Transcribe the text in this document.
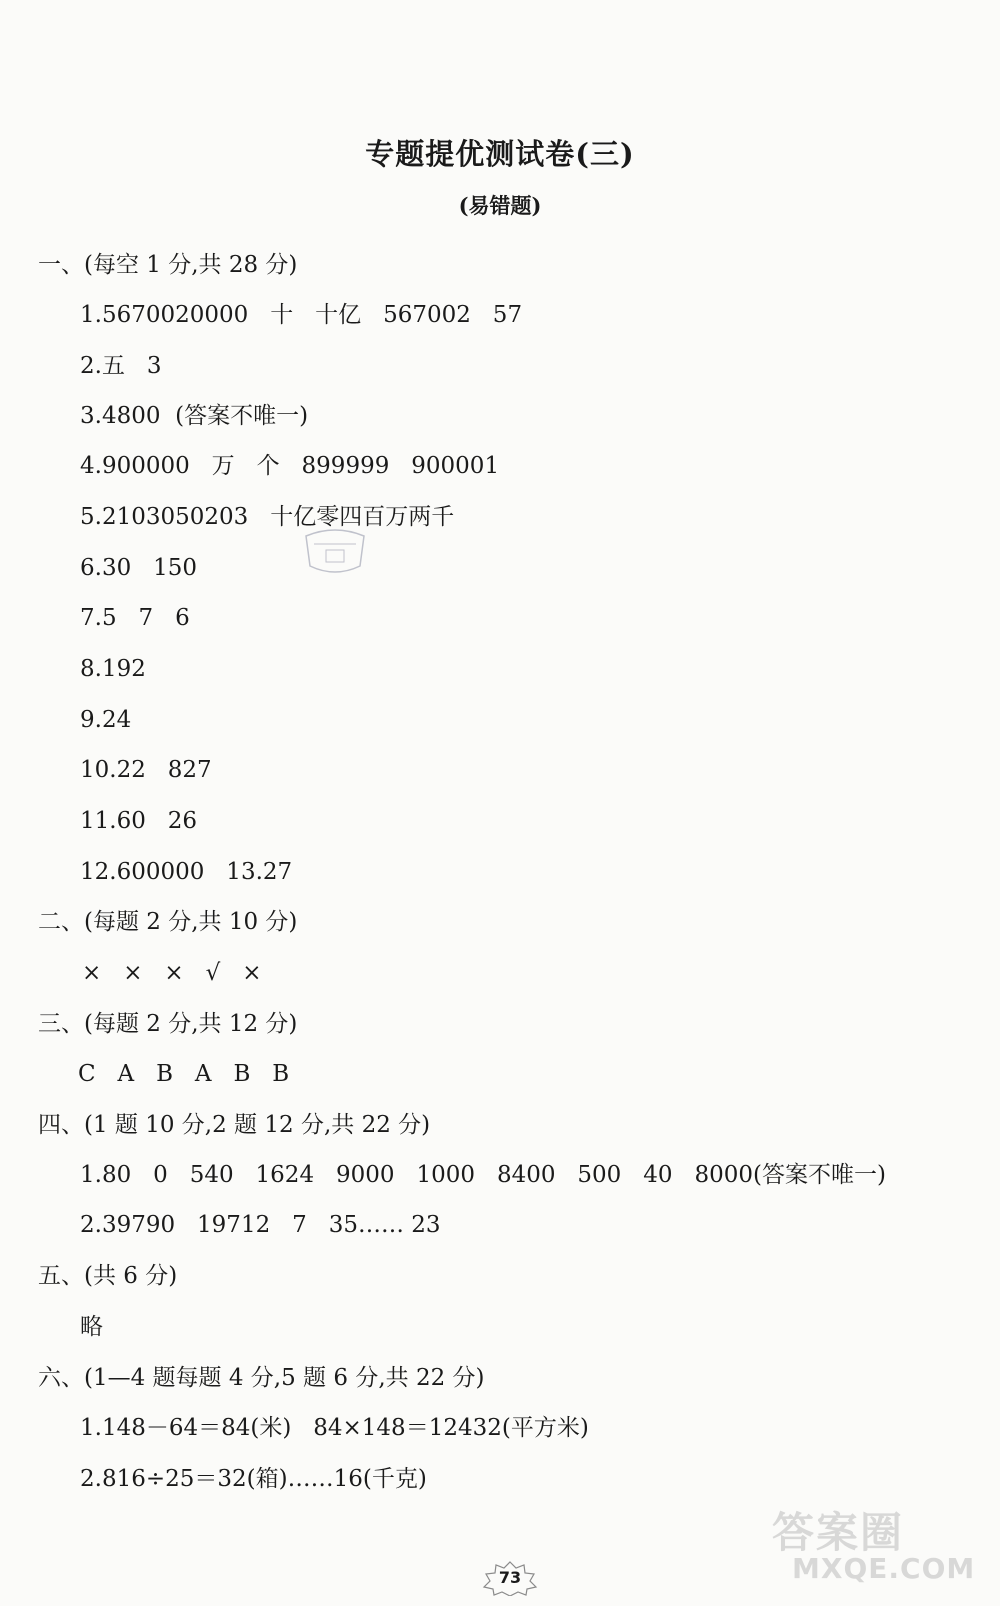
专题提优测试卷(三)
(易错题)
一、(每空 1 分,共 28 分)
1.5670020000   十   十亿   567002   57
2.五   3
3.4800  (答案不唯一)
4.900000   万   个   899999   900001
5.2103050203   十亿零四百万两千
6.30   150
7.5   7   6
8.192
9.24
10.22   827
11.60   26
12.600000   13.27
二、(每题 2 分,共 10 分)
×   ×   ×   √   ×
三、(每题 2 分,共 12 分)
C   A   B   A   B   B
四、(1 题 10 分,2 题 12 分,共 22 分)
1.80   0   540   1624   9000   1000   8400   500   40   8000(答案不唯一)
2.39790   19712   7   35…… 23
五、(共 6 分)
略
六、(1—4 题每题 4 分,5 题 6 分,共 22 分)
1.148－64＝84(米)   84×148＝12432(平方米)
2.816÷25＝32(箱)……16(千克)
73
答案圈
MXQE.COM
